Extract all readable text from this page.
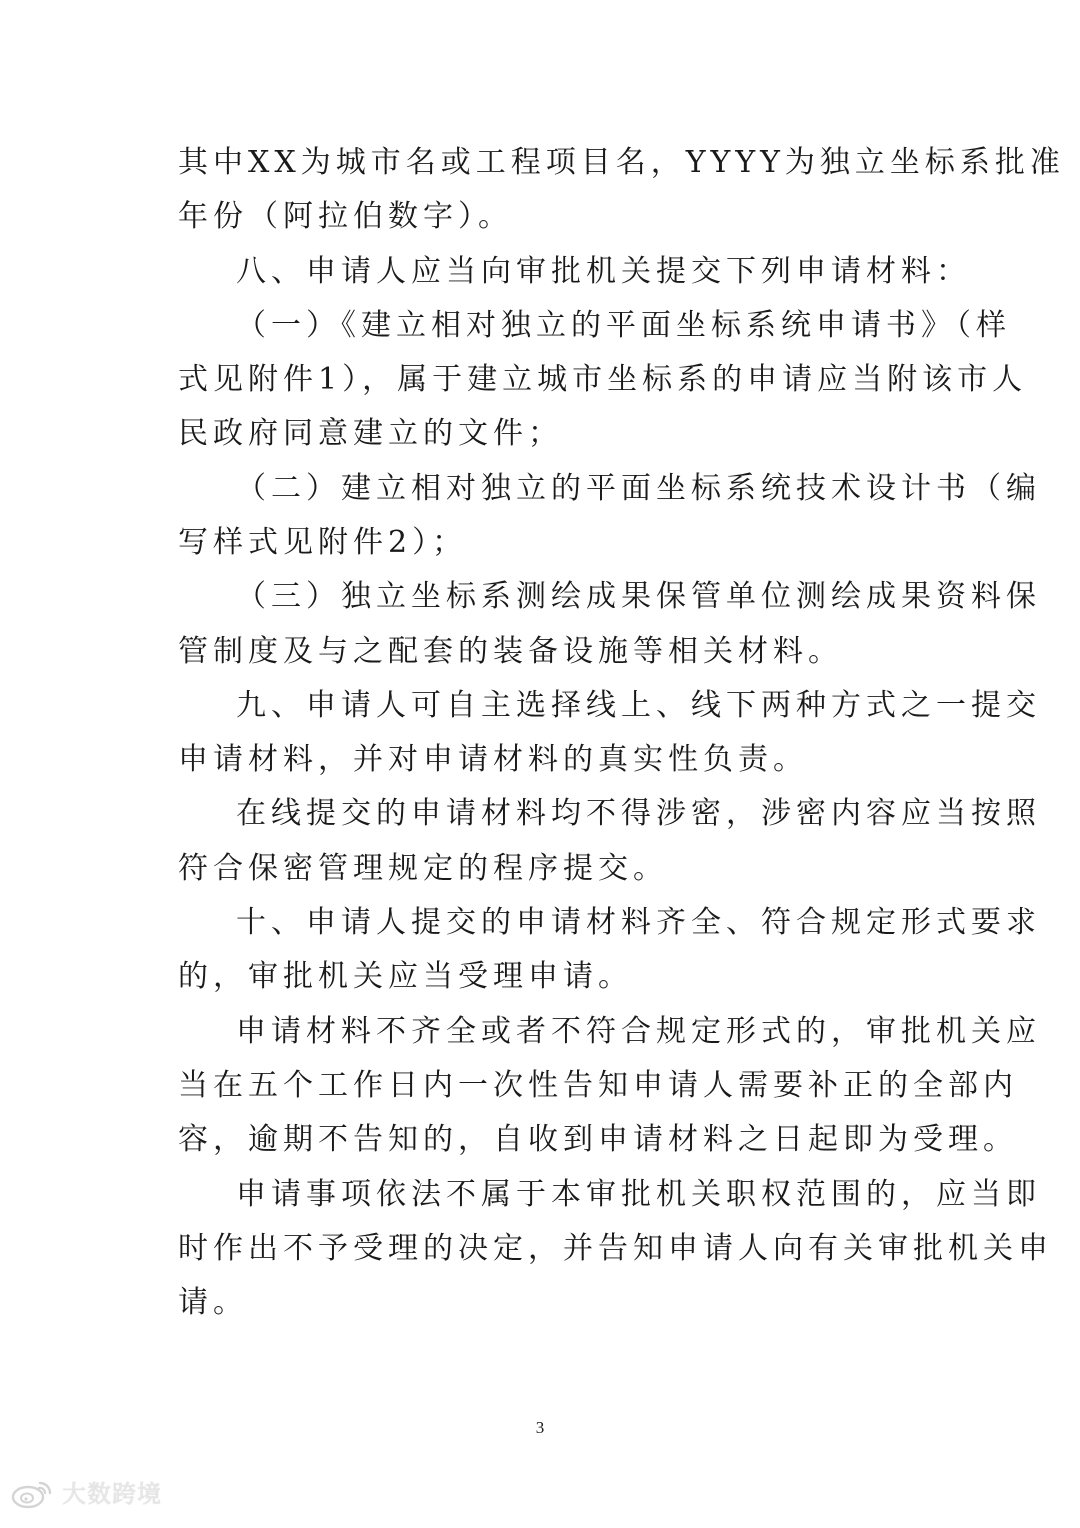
其中XX为城市名或工程项目名，YYYY为独立坐标系批准
年份（阿拉伯数字）。
八、申请人应当向审批机关提交下列申请材料：
（一）《建立相对独立的平面坐标系统申请书》（样
式见附件1），属于建立城市坐标系的申请应当附该市人
民政府同意建立的文件；
（二）建立相对独立的平面坐标系统技术设计书（编
写样式见附件2）；
（三）独立坐标系测绘成果保管单位测绘成果资料保
管制度及与之配套的装备设施等相关材料。
九、申请人可自主选择线上、线下两种方式之一提交
申请材料，并对申请材料的真实性负责。
在线提交的申请材料均不得涉密，涉密内容应当按照
符合保密管理规定的程序提交。
十、申请人提交的申请材料齐全、符合规定形式要求
的，审批机关应当受理申请。
申请材料不齐全或者不符合规定形式的，审批机关应
当在五个工作日内一次性告知申请人需要补正的全部内
容，逾期不告知的，自收到申请材料之日起即为受理。
申请事项依法不属于本审批机关职权范围的，应当即
时作出不予受理的决定，并告知申请人向有关审批机关申
请。
3
大数跨境
